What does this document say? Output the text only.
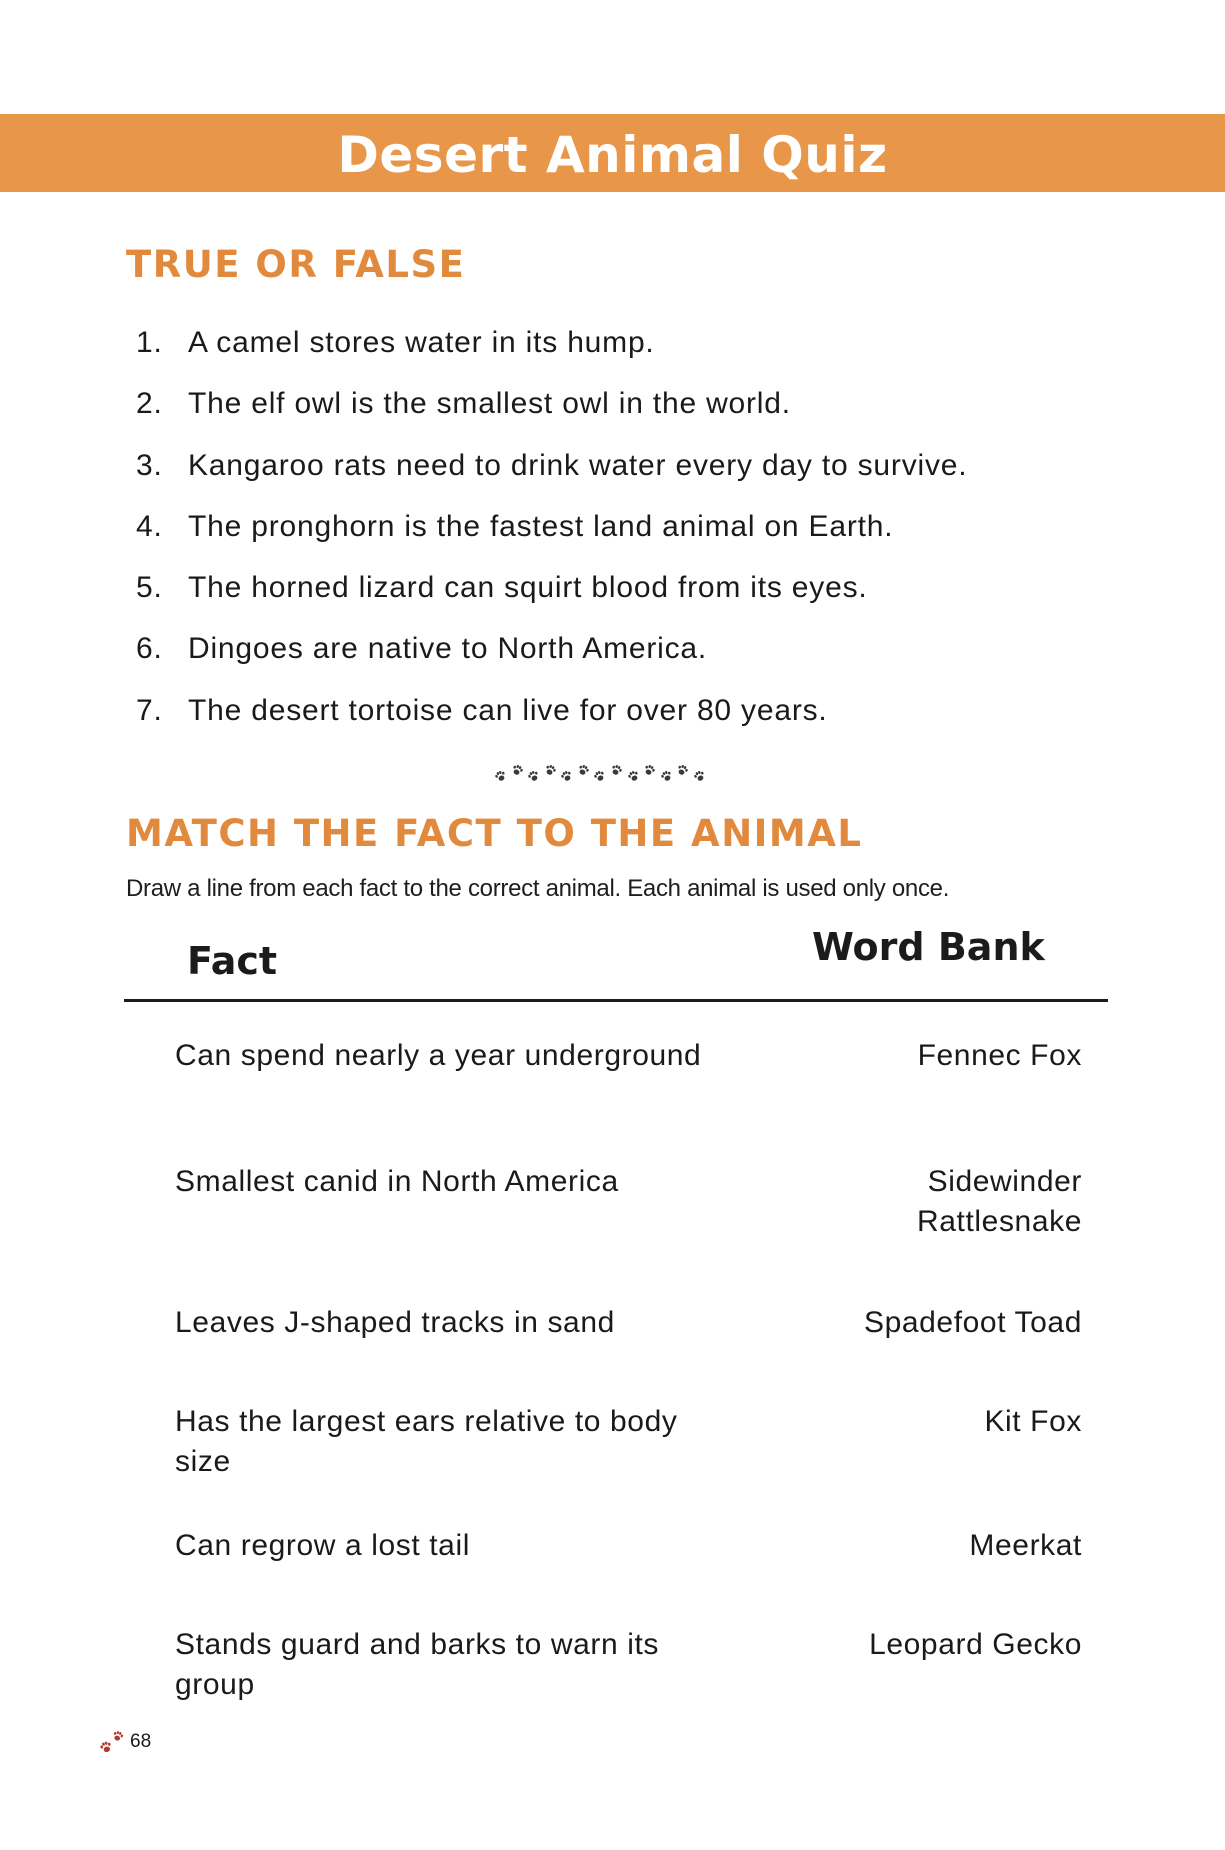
Desert Animal Quiz
TRUE OR FALSE
1. A camel stores water in its hump.
2. The elf owl is the smallest owl in the world.
3. Kangaroo rats need to drink water every day to survive.
4. The pronghorn is the fastest land animal on Earth.
5. The horned lizard can squirt blood from its eyes.
6. Dingoes are native to North America.
7. The desert tortoise can live for over 80 years.
MATCH THE FACT TO THE ANIMAL
Draw a line from each fact to the correct animal. Each animal is used only once.
Fact	Word Bank
Can spend nearly a year underground
Smallest canid in North America
Leaves J-shaped tracks in sand
Has the largest ears relative to body size
Can regrow a lost tail
Stands guard and barks to warn its group
Fennec Fox
Sidewinder Rattlesnake
Spadefoot Toad
Kit Fox
Meerkat
Leopard Gecko
68
